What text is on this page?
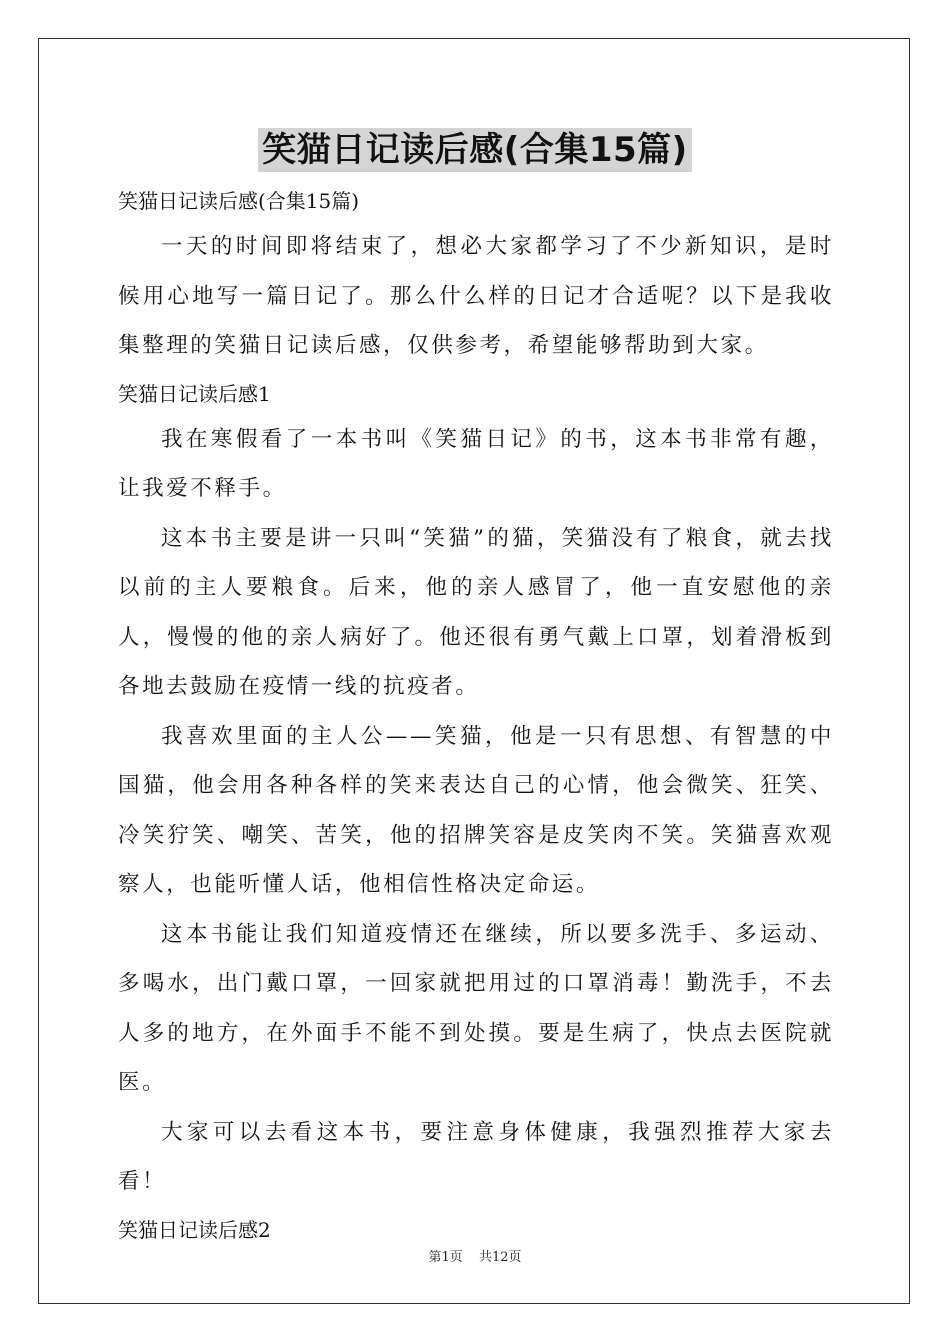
笑猫日记读后感(合集15篇)

笑猫日记读后感(合集15篇)

一天的时间即将结束了，想必大家都学习了不少新知识，是时候用心地写一篇日记了。那么什么样的日记才合适呢？以下是我收集整理的笑猫日记读后感，仅供参考，希望能够帮助到大家。

笑猫日记读后感1

我在寒假看了一本书叫《笑猫日记》的书，这本书非常有趣，让我爱不释手。

这本书主要是讲一只叫“笑猫”的猫，笑猫没有了粮食，就去找以前的主人要粮食。后来，他的亲人感冒了，他一直安慰他的亲人，慢慢的他的亲人病好了。他还很有勇气戴上口罩，划着滑板到各地去鼓励在疫情一线的抗疫者。

我喜欢里面的主人公——笑猫，他是一只有思想、有智慧的中国猫，他会用各种各样的笑来表达自己的心情，他会微笑、狂笑、冷笑狞笑、嘲笑、苦笑，他的招牌笑容是皮笑肉不笑。笑猫喜欢观察人，也能听懂人话，他相信性格决定命运。

这本书能让我们知道疫情还在继续，所以要多洗手、多运动、多喝水，出门戴口罩，一回家就把用过的口罩消毒！勤洗手，不去人多的地方，在外面手不能不到处摸。要是生病了，快点去医院就医。

大家可以去看这本书，要注意身体健康，我强烈推荐大家去看！

笑猫日记读后感2

第1页 共12页
